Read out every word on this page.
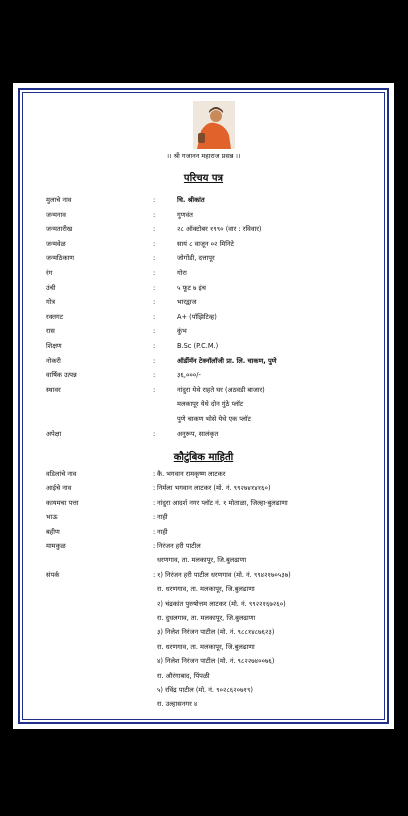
।। श्री गजानन महाराज प्रसन्न ।।
परिचय पत्र
मुलाचे नाव	:	चि. श्रीकांत
जन्मनाव	:	गुणवंत
जन्मतारीख	:	२८ ऑक्टोबर १९९० (वार : रविवार)
जन्मवेळ	:	सायं ८ वाजून ०२ मिनिटे
जन्मठिकाण	:	जोगोंडी, दत्तापूर
रंग	:	गोरा
उंची	:	५ फूट ७ इंच
गोत्र	:	भारद्वाज
रक्तगट	:	A+ (पॉझिटिव्ह)
रास	:	कुंभ
शिक्षण	:	B.Sc (P.C.M.)
नोकरी	:	ऑर्डीमॅन टेक्नॉलॉजी प्रा. लि. चाकण, पुणे
वार्षिक उत्पन्न	:	३६,०००/-
स्थावर	:	नांदुरा येथे राहते घर (अठवडी बाजार)
मलकापूर येथे दोन गुंठे प्लॉट
पुणे चाकण भोसे येथे एक प्लॉट
अपेक्षा	:	अनुरूप, सालंकृत
कौटुंबिक माहिती
वडिलांचे नाव	: कै. भगवान रामकृष्ण लाटकर
आईचे नाव	: निर्मला भगवान लाटकर (मो. नं. ९९२७४१४१६०)
कायमचा पत्ता	: नांदुरा आदर्श नगर प्लॉट नं. १ मोताळा, जिल्हा-बुलढाणा
भाऊ	: नाही
बहीण	: नाही
मामकुळ	: निरंजन हरी पाटील
धरणगाव, ता. मलकापूर, जि.बुलढाणा
संपर्क	: १) निरंजन हरी पाटील धरणगाव (मो. नं. ९९४२१७०५३७)
रा. धरणगाव, ता. मलकापूर, जि.बुलढाणा
२) चंद्रकांत पुरुषोत्तम लाटकर (मो. नं. ९९२२१६७२६०)
रा. दुधलगाव, ता. मलकापूर, जि.बुलढाणा
३) निलेश निरंजन पाटील (मो. नं. ९८८१४८७६२३)
रा. धरणगाव, ता. मलकापूर, जि.बुलढाणा
४) निलेश निरंजन पाटील (मो. नं. ९८२२७४००७६)
रा. औरंगाबाद, पिंपळी
५) रविंद्र पाटील (मो. नं. ९०२८६२०७१९)
रा. उल्हासनगर ४
